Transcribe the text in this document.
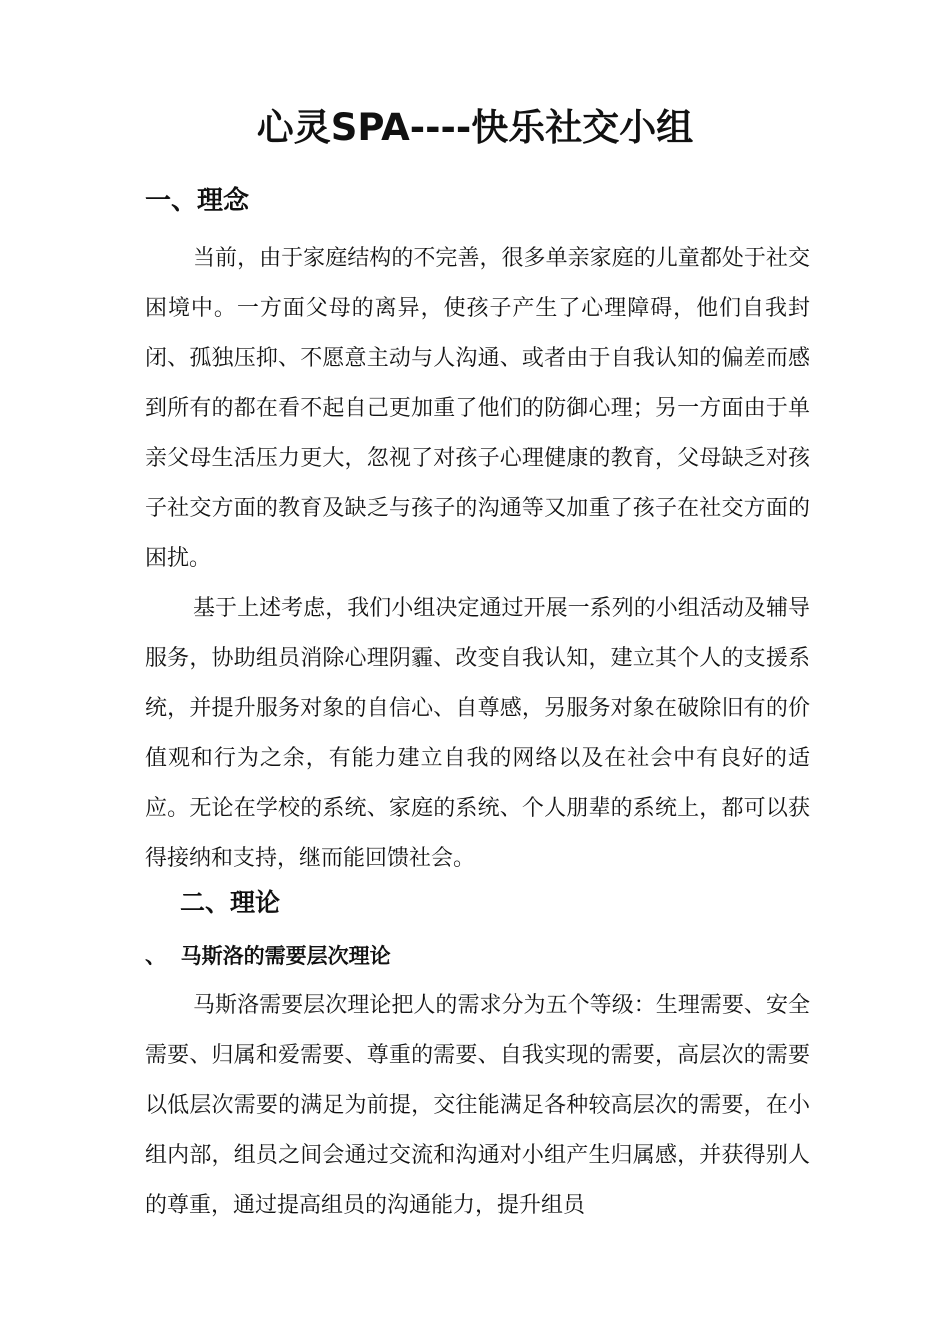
心灵SPA----快乐社交小组
一、理念

当前，由于家庭结构的不完善，很多单亲家庭的儿童都处于社交困境中。一方面父母的离异，使孩子产生了心理障碍，他们自我封闭、孤独压抑、不愿意主动与人沟通、或者由于自我认知的偏差而感到所有的都在看不起自己更加重了他们的防御心理；另一方面由于单亲父母生活压力更大，忽视了对孩子心理健康的教育，父母缺乏对孩子社交方面的教育及缺乏与孩子的沟通等又加重了孩子在社交方面的困扰。

基于上述考虑，我们小组决定通过开展一系列的小组活动及辅导服务，协助组员消除心理阴霾、改变自我认知，建立其个人的支援系统，并提升服务对象的自信心、自尊感，另服务对象在破除旧有的价值观和行为之余，有能力建立自我的网络以及在社会中有良好的适应。无论在学校的系统、家庭的系统、个人朋辈的系统上，都可以获得接纳和支持，继而能回馈社会。

二、理论
、  马斯洛的需要层次理论

马斯洛需要层次理论把人的需求分为五个等级：生理需要、安全需要、归属和爱需要、尊重的需要、自我实现的需要，高层次的需要以低层次需要的满足为前提，交往能满足各种较高层次的需要，在小组内部，组员之间会通过交流和沟通对小组产生归属感，并获得别人的尊重，通过提高组员的沟通能力，提升组员
